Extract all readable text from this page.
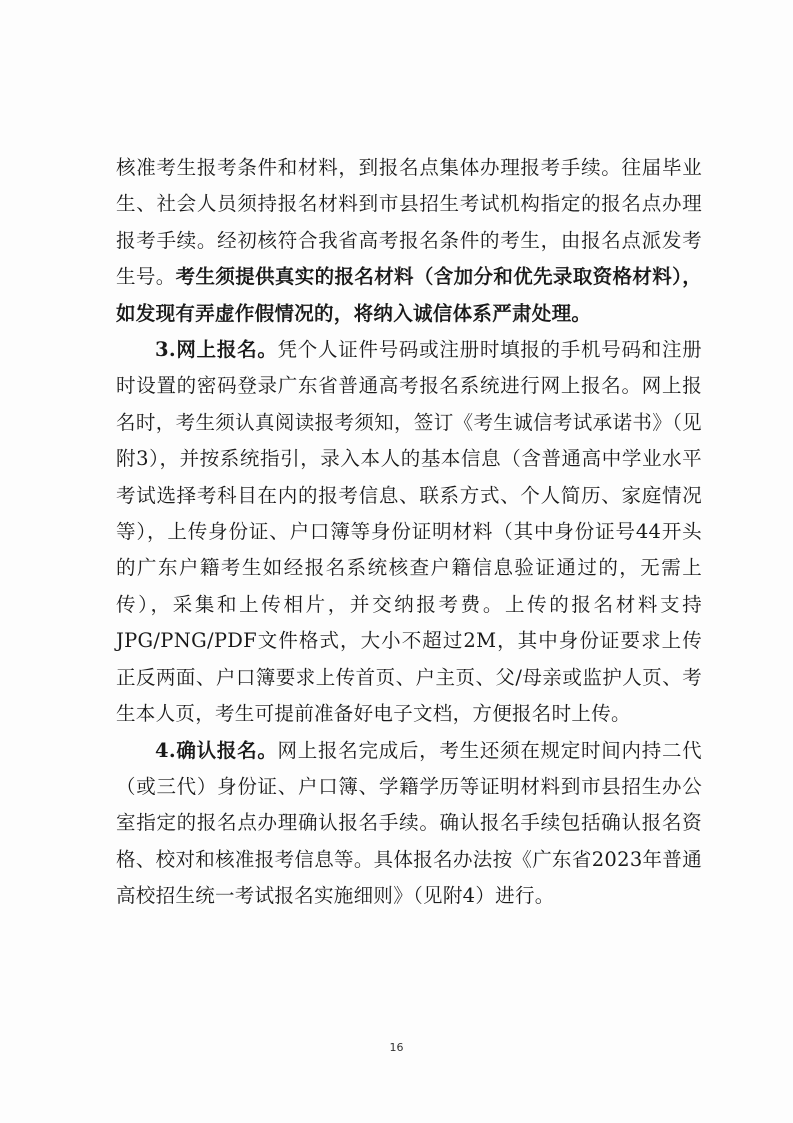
核准考生报考条件和材料，到报名点集体办理报考手续。往届毕业生、社会人员须持报名材料到市县招生考试机构指定的报名点办理报考手续。经初核符合我省高考报名条件的考生，由报名点派发考生号。考生须提供真实的报名材料（含加分和优先录取资格材料），如发现有弄虚作假情况的，将纳入诚信体系严肃处理。

3.网上报名。凭个人证件号码或注册时填报的手机号码和注册时设置的密码登录广东省普通高考报名系统进行网上报名。网上报名时，考生须认真阅读报考须知，签订《考生诚信考试承诺书》（见附3），并按系统指引，录入本人的基本信息（含普通高中学业水平考试选择考科目在内的报考信息、联系方式、个人简历、家庭情况等），上传身份证、户口簿等身份证明材料（其中身份证号44开头的广东户籍考生如经报名系统核查户籍信息验证通过的，无需上传），采集和上传相片，并交纳报考费。上传的报名材料支持JPG/PNG/PDF文件格式，大小不超过2M，其中身份证要求上传正反两面、户口簿要求上传首页、户主页、父/母亲或监护人页、考生本人页，考生可提前准备好电子文档，方便报名时上传。

4.确认报名。网上报名完成后，考生还须在规定时间内持二代（或三代）身份证、户口簿、学籍学历等证明材料到市县招生办公室指定的报名点办理确认报名手续。确认报名手续包括确认报名资格、校对和核准报考信息等。具体报名办法按《广东省2023年普通高校招生统一考试报名实施细则》（见附4）进行。

16
